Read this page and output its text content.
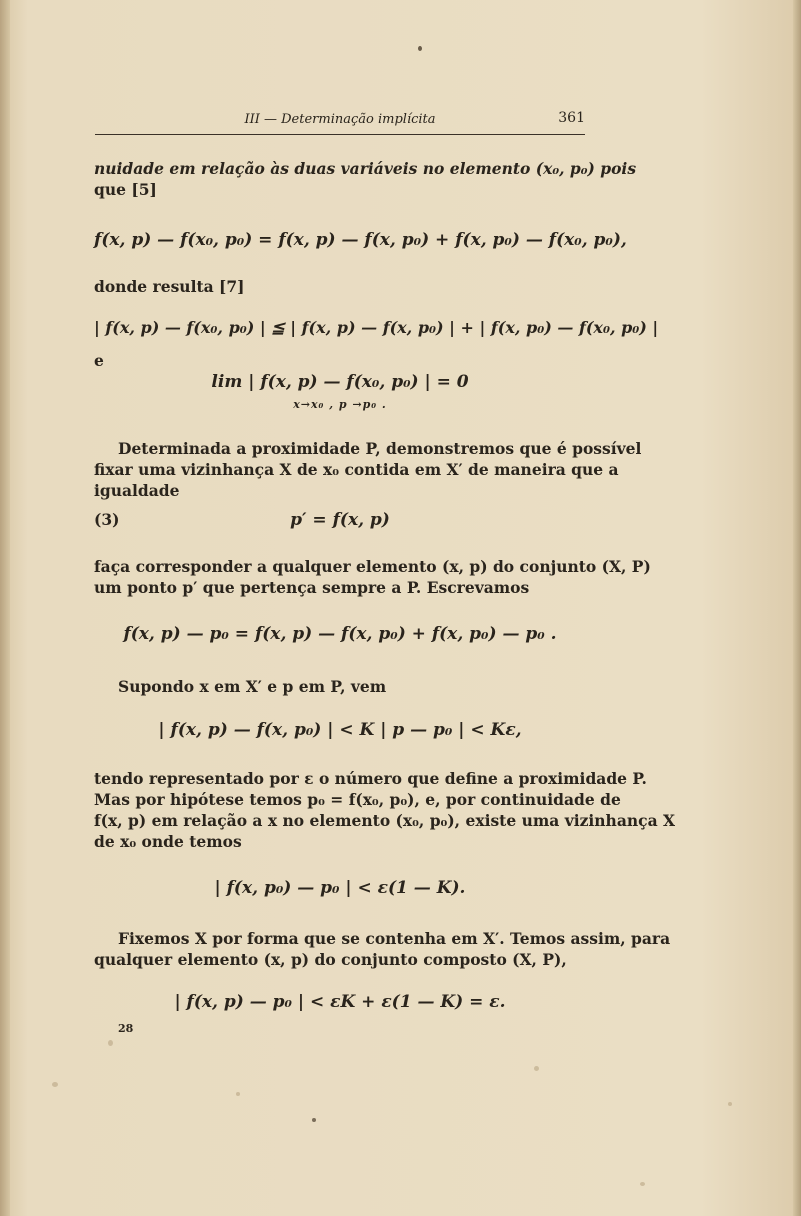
III — Determinação implícita	361
nuidade em relação às duas variáveis no elemento (x₀, p₀) pois
que [5]
f(x, p) — f(x₀, p₀) = f(x, p) — f(x, p₀) + f(x, p₀) — f(x₀, p₀),
donde resulta [7]
| f(x, p) — f(x₀, p₀) | ≦ | f(x, p) — f(x, p₀) | + | f(x, p₀) — f(x₀, p₀) |
e
lim | f(x, p) — f(x₀, p₀) | = 0
x→x₀ , p →p₀ .
Determinada a proximidade P, demonstremos que é possível
fixar uma vizinhança X de x₀ contida em X′ de maneira que a
igualdade
(3)	p′ = f(x, p)
faça corresponder a qualquer elemento (x, p) do conjunto (X, P)
um ponto p′ que pertença sempre a P. Escrevamos
f(x, p) — p₀ = f(x, p) — f(x, p₀) + f(x, p₀) — p₀ .
Supondo x em X′ e p em P, vem
| f(x, p) — f(x, p₀) | < K | p — p₀ | < Kε,
tendo representado por ε o número que define a proximidade P.
Mas por hipótese temos p₀ = f(x₀, p₀), e, por continuidade de
f(x, p) em relação a x no elemento (x₀, p₀), existe uma vizinhança X
de x₀ onde temos
| f(x, p₀) — p₀ | < ε(1 — K).
Fixemos X por forma que se contenha em X′. Temos assim, para
qualquer elemento (x, p) do conjunto composto (X, P),
| f(x, p) — p₀ | < εK + ε(1 — K) = ε.
28
